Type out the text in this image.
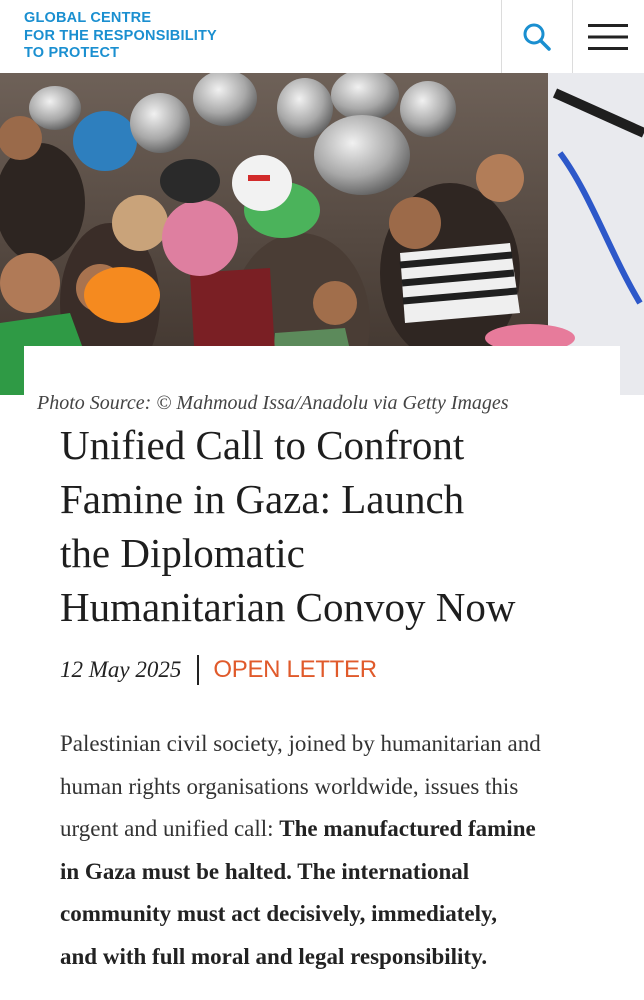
GLOBAL CENTRE
FOR THE RESPONSIBILITY
TO PROTECT
Photo Source: © Mahmoud Issa/Anadolu via Getty Images
Unified Call to Confront
Famine in Gaza: Launch
the Diplomatic
Humanitarian Convoy Now
12 May 2025 OPEN LETTER
Palestinian civil society, joined by humanitarian and
human rights organisations worldwide, issues this
urgent and unified call: The manufactured famine
in Gaza must be halted. The international
community must act decisively, immediately,
and with full moral and legal responsibility.
